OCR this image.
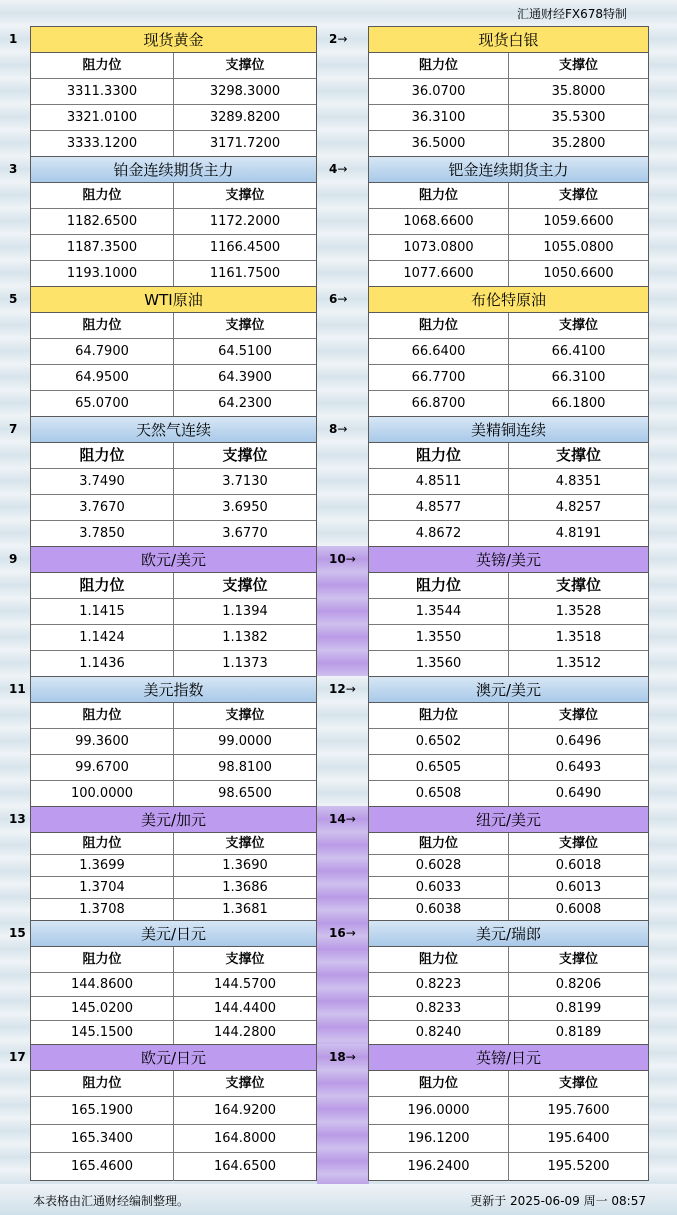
汇通财经FX678特制
现货黄金
阻力位	支撑位
3311.3300	3298.3000
3321.0100	3289.8200
3333.1200	3171.7200
现货白银
阻力位	支撑位
36.0700	35.8000
36.3100	35.5300
36.5000	35.2800
铂金连续期货主力
阻力位	支撑位
1182.6500	1172.2000
1187.3500	1166.4500
1193.1000	1161.7500
钯金连续期货主力
阻力位	支撑位
1068.6600	1059.6600
1073.0800	1055.0800
1077.6600	1050.6600
WTI原油
阻力位	支撑位
64.7900	64.5100
64.9500	64.3900
65.0700	64.2300
布伦特原油
阻力位	支撑位
66.6400	66.4100
66.7700	66.3100
66.8700	66.1800
天然气连续
阻力位	支撑位
3.7490	3.7130
3.7670	3.6950
3.7850	3.6770
美精铜连续
阻力位	支撑位
4.8511	4.8351
4.8577	4.8257
4.8672	4.8191
欧元/美元
阻力位	支撑位
1.1415	1.1394
1.1424	1.1382
1.1436	1.1373
英镑/美元
阻力位	支撑位
1.3544	1.3528
1.3550	1.3518
1.3560	1.3512
美元指数
阻力位	支撑位
99.3600	99.0000
99.6700	98.8100
100.0000	98.6500
澳元/美元
阻力位	支撑位
0.6502	0.6496
0.6505	0.6493
0.6508	0.6490
美元/加元
阻力位	支撑位
1.3699	1.3690
1.3704	1.3686
1.3708	1.3681
纽元/美元
阻力位	支撑位
0.6028	0.6018
0.6033	0.6013
0.6038	0.6008
美元/日元
阻力位	支撑位
144.8600	144.5700
145.0200	144.4400
145.1500	144.2800
美元/瑞郎
阻力位	支撑位
0.8223	0.8206
0.8233	0.8199
0.8240	0.8189
欧元/日元
阻力位	支撑位
165.1900	164.9200
165.3400	164.8000
165.4600	164.6500
英镑/日元
阻力位	支撑位
196.0000	195.7600
196.1200	195.6400
196.2400	195.5200
本表格由汇通财经编制整理。	更新于 2025-06-09 周一 08:57
1	2→
3	4→
5	6→
7	8→
9	10→
11	12→
13	14→
15	16→
17	18→
